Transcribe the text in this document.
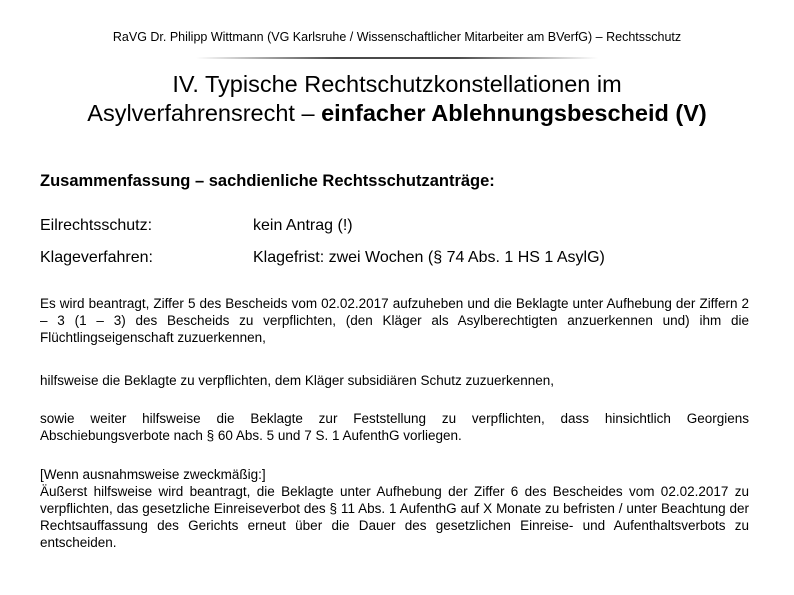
RaVG Dr. Philipp Wittmann (VG Karlsruhe / Wissenschaftlicher Mitarbeiter am BVerfG) – Rechtsschutz
IV. Typische Rechtschutzkonstellationen im
Asylverfahrensrecht – einfacher Ablehnungsbescheid (V)
Zusammenfassung – sachdienliche Rechtsschutzanträge:
Eilrechtsschutz:	kein Antrag (!)
Klageverfahren:	Klagefrist: zwei Wochen (§ 74 Abs. 1 HS 1 AsylG)
Es wird beantragt, Ziffer 5 des Bescheids vom 02.02.2017 aufzuheben und die Beklagte unter Aufhebung der Ziffern 2 – 3 (1 – 3) des Bescheids zu verpflichten, (den Kläger als Asylberechtigten anzuerkennen und) ihm die Flüchtlingseigenschaft zuzuerkennen,
hilfsweise die Beklagte zu verpflichten, dem Kläger subsidiären Schutz zuzuerkennen,
sowie weiter hilfsweise die Beklagte zur Feststellung zu verpflichten, dass hinsichtlich Georgiens Abschiebungsverbote nach § 60 Abs. 5 und 7 S. 1 AufenthG vorliegen.
[Wenn ausnahmsweise zweckmäßig:]
Äußerst hilfsweise wird beantragt, die Beklagte unter Aufhebung der Ziffer 6 des Bescheides vom 02.02.2017 zu verpflichten, das gesetzliche Einreiseverbot des § 11 Abs. 1 AufenthG auf X Monate zu befristen / unter Beachtung der Rechtsauffassung des Gerichts erneut über die Dauer des gesetzlichen Einreise- und Aufenthaltsverbots zu entscheiden.
